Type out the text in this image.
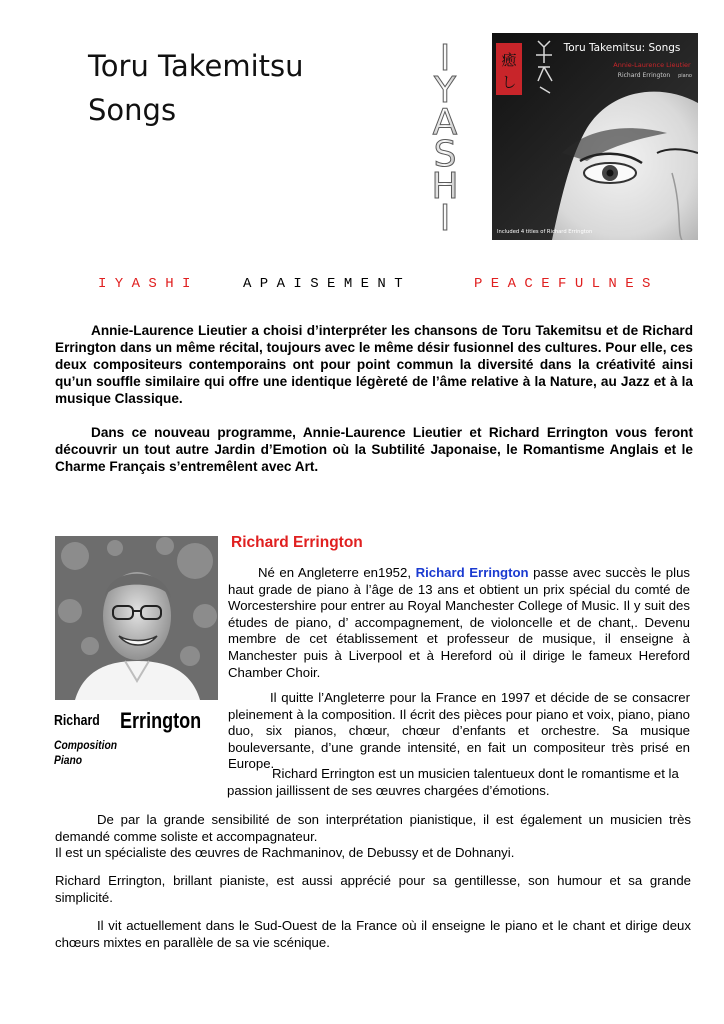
Toru Takemitsu
Songs
I
Y
A
S
H
I
癒
し
Toru Takemitsu: Songs
Annie-Laurence Lieutier
Richard Errington piano
Included 4 titles of Richard Errington
I Y A S H I	A P A I S E M E N T	P E A C E F U L N E S

Annie-Laurence Lieutier a choisi d’interpréter les chansons de Toru Takemitsu et de Richard Errington dans un même récital, toujours avec le même désir fusionnel des cultures. Pour elle, ces deux compositeurs contemporains ont pour point commun la diversité dans la créativité ainsi qu’un souffle similaire qui offre une identique légèreté de l’âme relative à la Nature, au Jazz et à la musique Classique.

Dans ce nouveau programme, Annie-Laurence Lieutier et Richard Errington vous feront découvrir un tout autre Jardin d’Emotion où la Subtilité Japonaise, le Romantisme Anglais et le Charme Français s’entremêlent avec Art.

Richard Errington
Composition
Piano
Richard Errington

Né en Angleterre en1952, Richard Errington passe avec succès le plus haut grade de piano à l’âge de 13 ans et obtient un prix spécial du comté de Worcestershire pour entrer au Royal Manchester College of Music. Il y suit des études de piano, d’ accompagnement, de violoncelle et de chant,. Devenu membre de cet établissement et professeur de musique, il enseigne à Manchester puis à Liverpool et à Hereford où il dirige le fameux Hereford Chamber Choir.

Il quitte l’Angleterre pour la France en 1997 et décide de se consacrer pleinement à la composition. Il écrit des pièces pour piano et voix, piano, piano duo, six pianos, chœur, chœur d’enfants et orchestre. Sa musique bouleversante, d’une grande intensité, en fait un compositeur très prisé en Europe.

Richard Errington est un musicien talentueux dont le romantisme et la passion jaillissent de ses œuvres chargées d’émotions.

De par la grande sensibilité de son interprétation pianistique, il est également un musicien très demandé comme soliste et accompagnateur.

Il est un spécialiste des œuvres de Rachmaninov, de Debussy et de Dohnanyi.

Richard Errington, brillant pianiste, est aussi apprécié pour sa gentillesse, son humour et sa grande simplicité.

Il vit actuellement dans le Sud-Ouest de la France où il enseigne le piano et le chant et dirige deux chœurs mixtes en parallèle de sa vie scénique.
